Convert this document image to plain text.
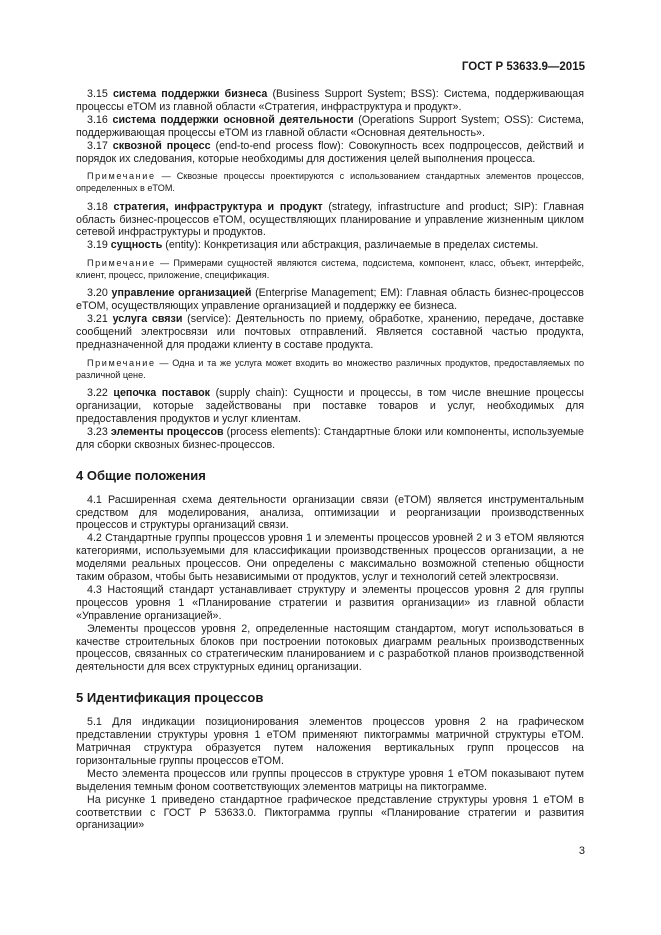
ГОСТ Р 53633.9—2015

3.15 система поддержки бизнеса (Business Support System; BSS): Система, поддерживающая процессы eTOM из главной области «Стратегия, инфраструктура и продукт».

3.16 система поддержки основной деятельности (Operations Support System; OSS): Система, поддерживающая процессы eTOM из главной области «Основная деятельность».

3.17 сквозной процесс (end-to-end process flow): Совокупность всех подпроцессов, действий и порядок их следования, которые необходимы для достижения целей выполнения процесса.

Примечание — Сквозные процессы проектируются с использованием стандартных элементов процессов, определенных в eTOM.

3.18 стратегия, инфраструктура и продукт (strategy, infrastructure and product; SIP): Главная область бизнес-процессов eTOM, осуществляющих планирование и управление жизненным циклом сетевой инфраструктуры и продуктов.

3.19 сущность (entity): Конкретизация или абстракция, различаемые в пределах системы.

Примечание — Примерами сущностей являются система, подсистема, компонент, класс, объект, интерфейс, клиент, процесс, приложение, спецификация.

3.20 управление организацией (Enterprise Management; EM): Главная область бизнес-процессов eTOM, осуществляющих управление организацией и поддержку ее бизнеса.

3.21 услуга связи (service): Деятельность по приему, обработке, хранению, передаче, доставке сообщений электросвязи или почтовых отправлений. Является составной частью продукта, предназначенной для продажи клиенту в составе продукта.

Примечание — Одна и та же услуга может входить во множество различных продуктов, предоставляемых по различной цене.

3.22 цепочка поставок (supply chain): Сущности и процессы, в том числе внешние процессы организации, которые задействованы при поставке товаров и услуг, необходимых для предоставления продуктов и услуг клиентам.

3.23 элементы процессов (process elements): Стандартные блоки или компоненты, используемые для сборки сквозных бизнес-процессов.

4 Общие положения

4.1 Расширенная схема деятельности организации связи (eTOM) является инструментальным средством для моделирования, анализа, оптимизации и реорганизации производственных процессов и структуры организаций связи.

4.2 Стандартные группы процессов уровня 1 и элементы процессов уровней 2 и 3 eTOM являются категориями, используемыми для классификации производственных процессов организации, а не моделями реальных процессов. Они определены с максимально возможной степенью общности таким образом, чтобы быть независимыми от продуктов, услуг и технологий сетей электросвязи.

4.3 Настоящий стандарт устанавливает структуру и элементы процессов уровня 2 для группы процессов уровня 1 «Планирование стратегии и развития организации» из главной области «Управление организацией».

Элементы процессов уровня 2, определенные настоящим стандартом, могут использоваться в качестве строительных блоков при построении потоковых диаграмм реальных производственных процессов, связанных со стратегическим планированием и с разработкой планов производственной деятельности для всех структурных единиц организации.

5 Идентификация процессов

5.1 Для индикации позиционирования элементов процессов уровня 2 на графическом представлении структуры уровня 1 eTOM применяют пиктограммы матричной структуры eTOM. Матричная структура образуется путем наложения вертикальных групп процессов на горизонтальные группы процессов eTOM.

Место элемента процессов или группы процессов в структуре уровня 1 eTOM показывают путем выделения темным фоном соответствующих элементов матрицы на пиктограмме.

На рисунке 1 приведено стандартное графическое представление структуры уровня 1 eTOM в соответствии с ГОСТ Р 53633.0. Пиктограмма группы «Планирование стратегии и развития организации»

3
